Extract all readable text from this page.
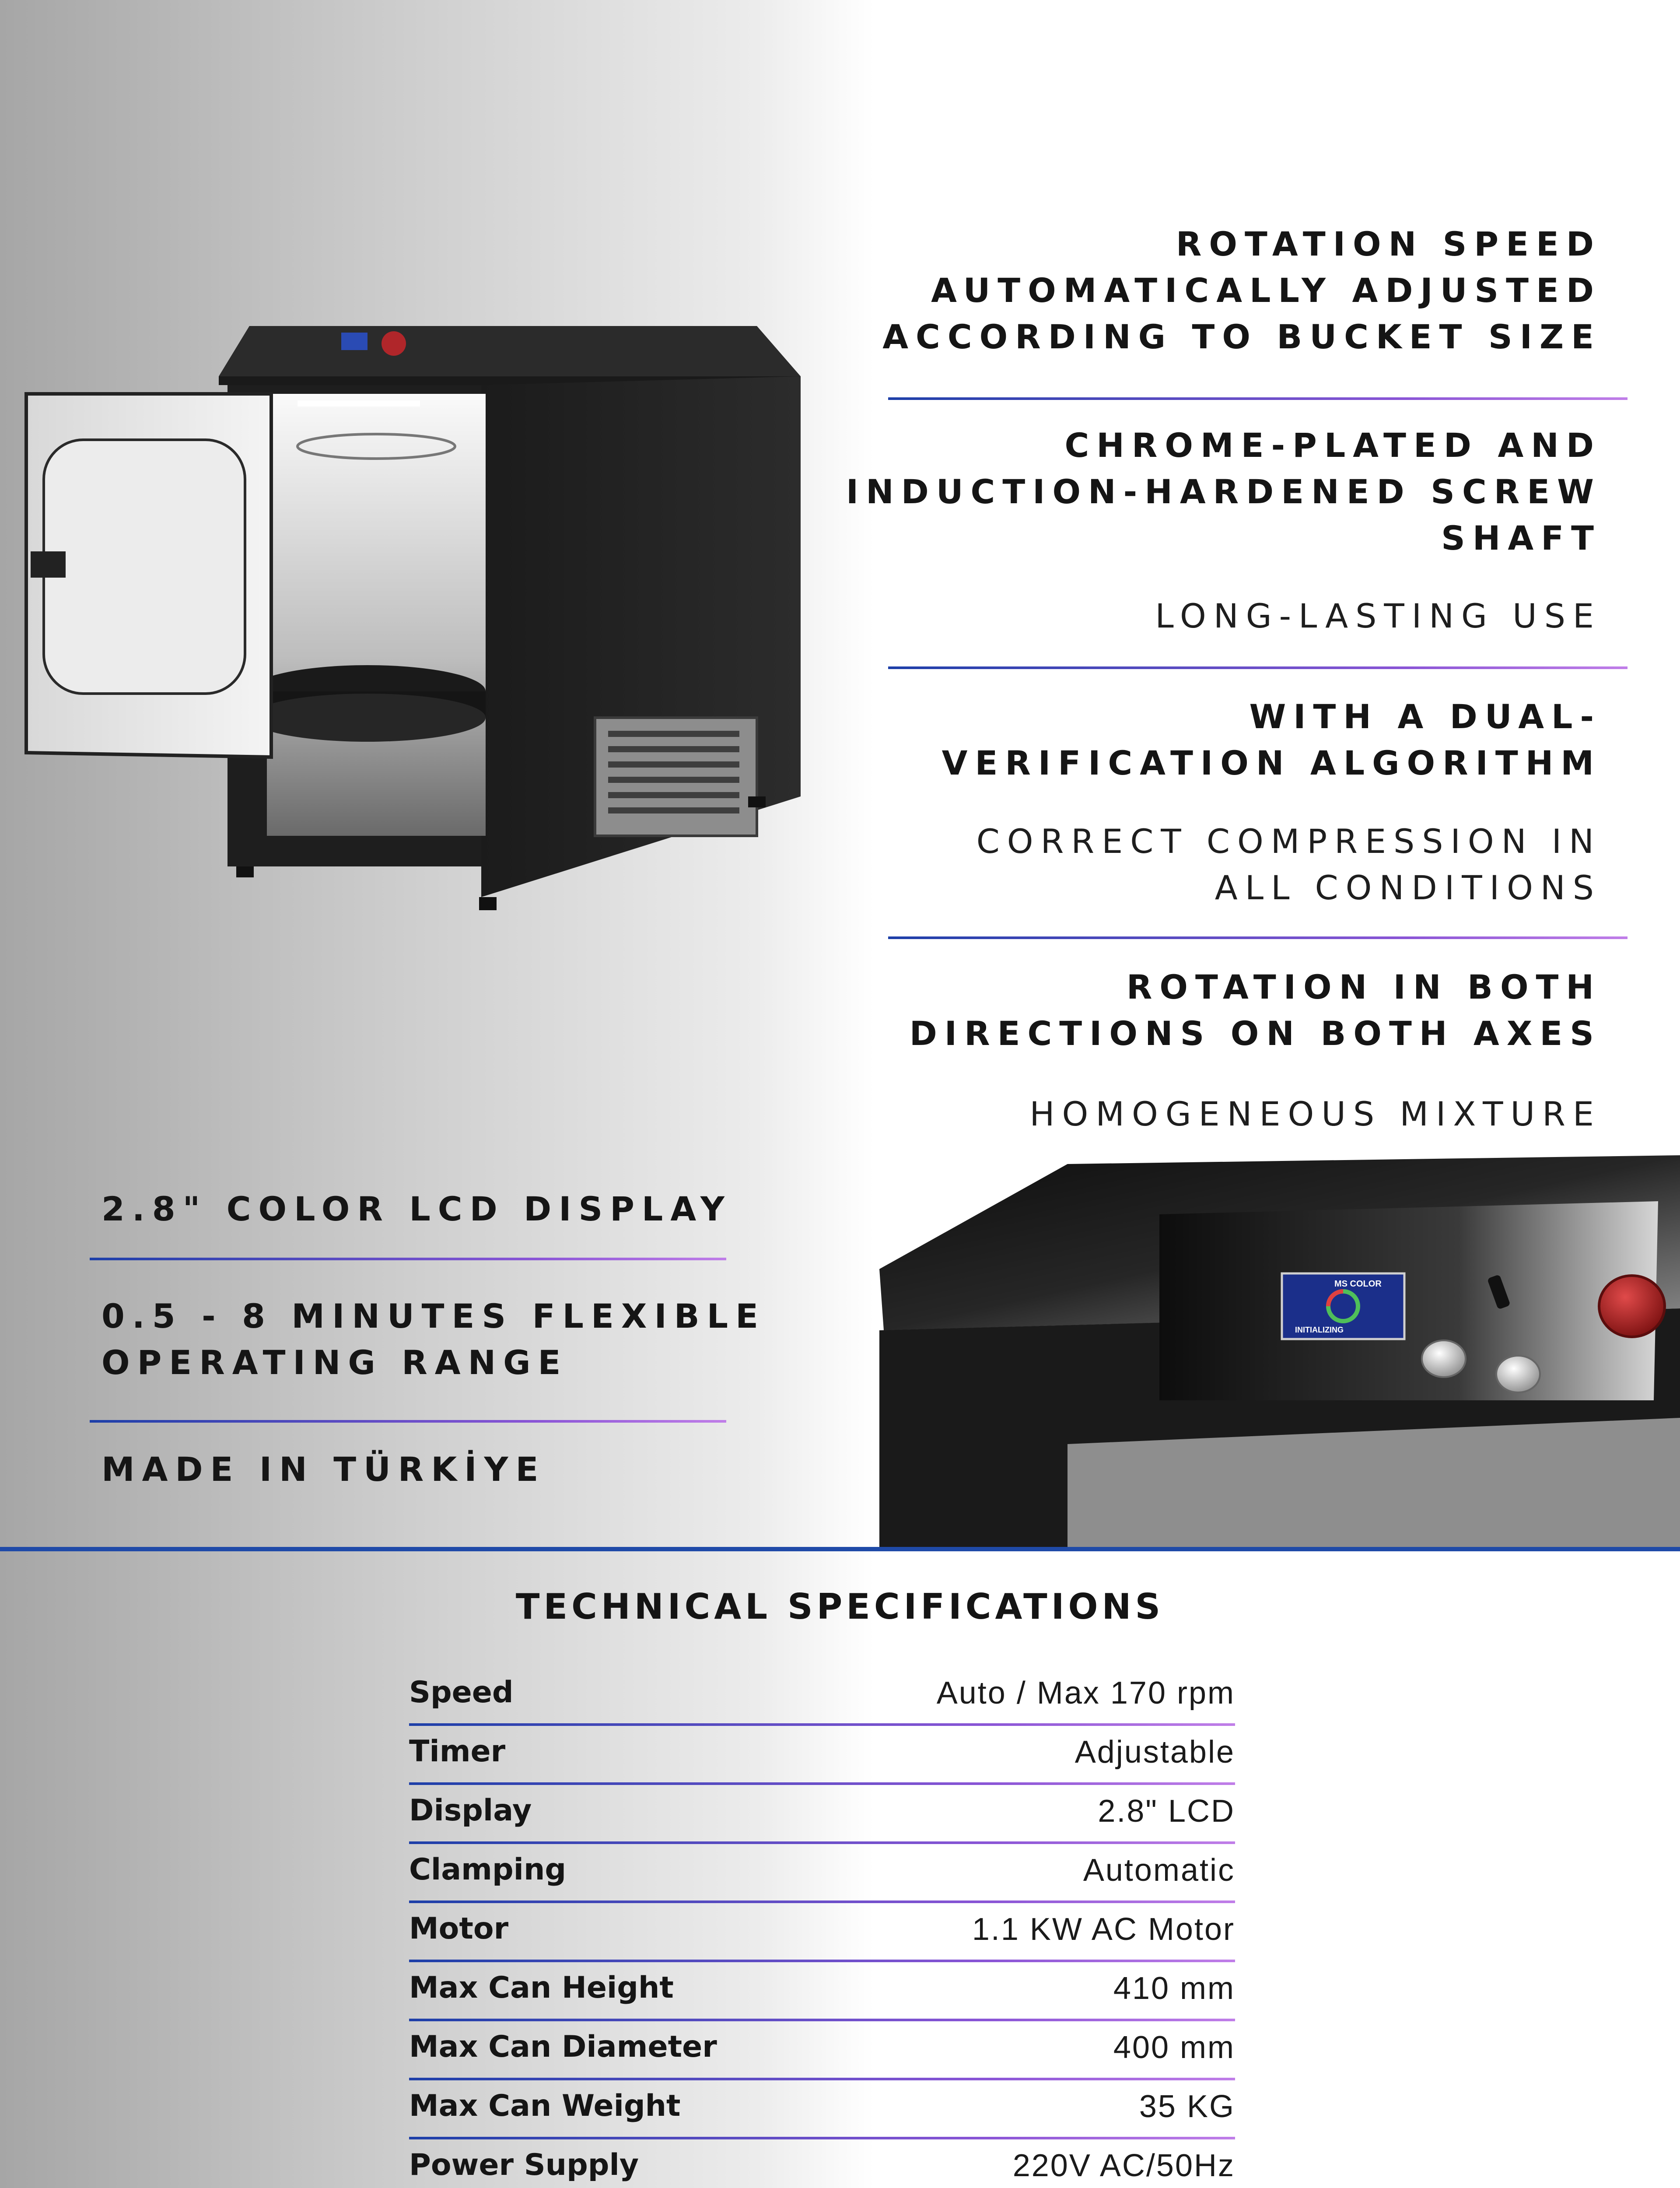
ROTATION SPEED
AUTOMATICALLY ADJUSTED
ACCORDING TO BUCKET SIZE

CHROME-PLATED AND
INDUCTION-HARDENED SCREW
SHAFT

LONG-LASTING USE

WITH A DUAL-
VERIFICATION ALGORITHM

CORRECT COMPRESSION IN
ALL CONDITIONS

ROTATION IN BOTH
DIRECTIONS ON BOTH AXES

HOMOGENEOUS MIXTURE

2.8" COLOR LCD DISPLAY

0.5 - 8 MINUTES FLEXIBLE
OPERATING RANGE

MADE IN TÜRKİYE

MS COLOR
INITIALIZING
TECHNICAL SPECIFICATIONS
Speed	Auto / Max 170 rpm
Timer	Adjustable
Display	2.8" LCD
Clamping	Automatic
Motor	1.1 KW AC Motor
Max Can Height	410 mm
Max Can Diameter	400 mm
Max Can Weight	35 KG
Power Supply	220V AC/50Hz
